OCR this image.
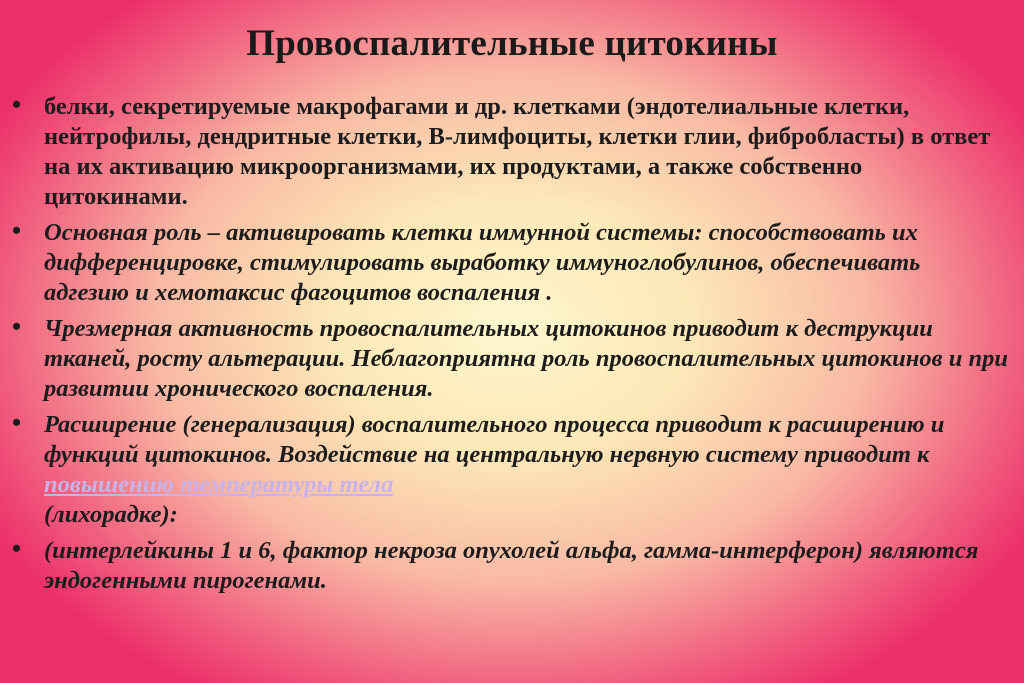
Провоспалительные цитокины
• белки, секретируемые макрофагами и др. клетками (эндотелиальные клетки, нейтрофилы, дендритные клетки, В-лимфоциты, клетки глии, фибробласты) в ответ на их активацию микроорганизмами, их продуктами, а также собственно цитокинами.
• Основная роль – активировать клетки иммунной системы: способствовать их дифференцировке, стимулировать выработку иммуноглобулинов, обеспечивать адгезию и хемотаксис фагоцитов воспаления .
• Чрезмерная активность провоспалительных цитокинов приводит к деструкции тканей, росту альтерации. Неблагоприятна роль провоспалительных цитокинов и при развитии хронического воспаления.
• Расширение (генерализация) воспалительного процесса приводит к расширению и функций цитокинов. Воздействие на центральную нервную систему приводит к повышению температуры тела
(лихорадке):
• (интерлейкины 1 и 6, фактор некроза опухолей альфа, гамма-интерферон) являются эндогенными пирогенами.
